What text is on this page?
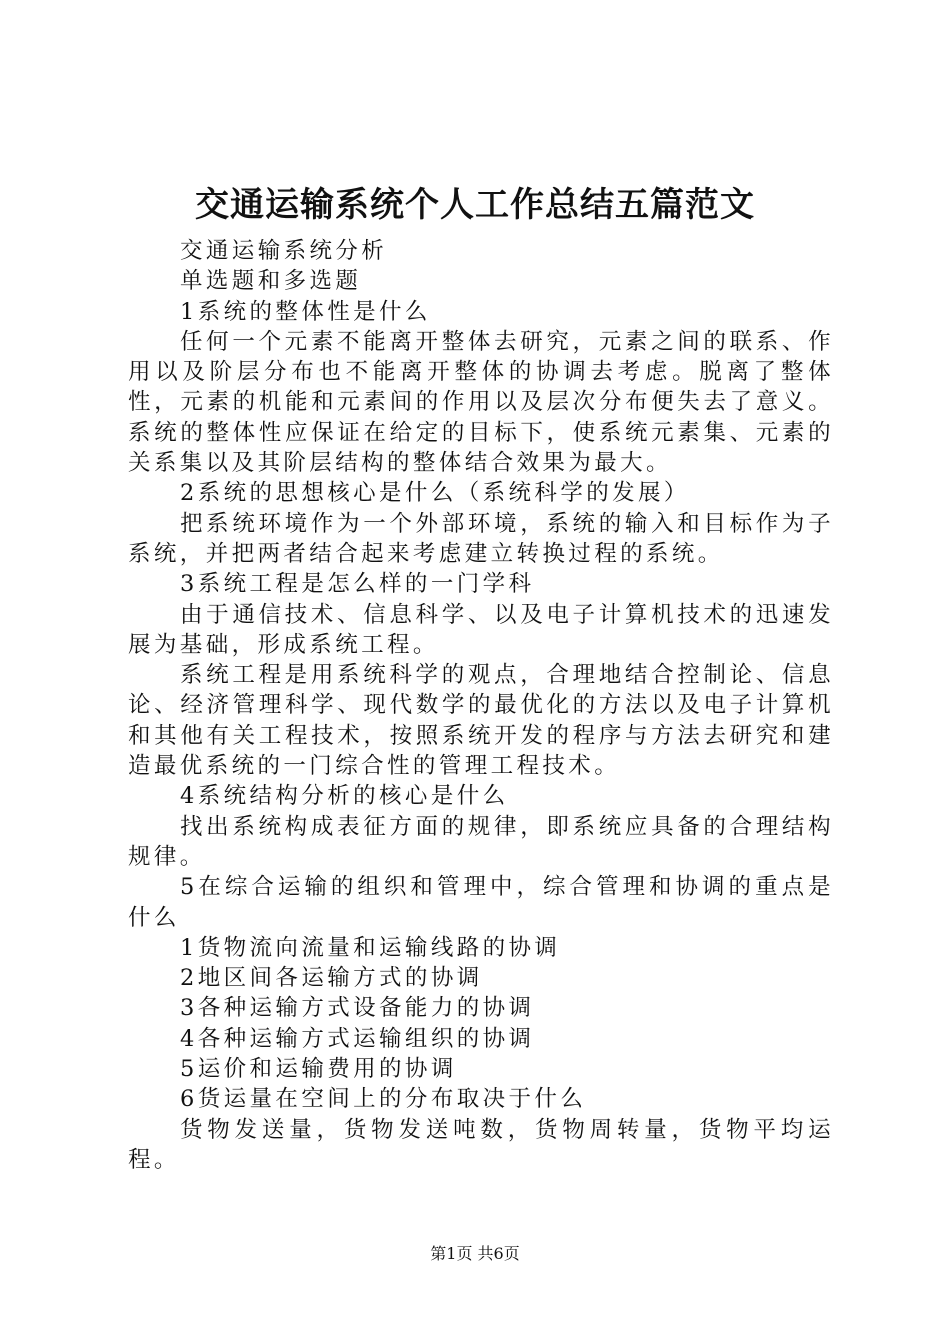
交通运输系统个人工作总结五篇范文

交通运输系统分析

单选题和多选题

1系统的整体性是什么

任何一个元素不能离开整体去研究，元素之间的联系、作用以及阶层分布也不能离开整体的协调去考虑。脱离了整体性，元素的机能和元素间的作用以及层次分布便失去了意义。系统的整体性应保证在给定的目标下，使系统元素集、元素的关系集以及其阶层结构的整体结合效果为最大。

2系统的思想核心是什么（系统科学的发展）

把系统环境作为一个外部环境，系统的输入和目标作为子系统，并把两者结合起来考虑建立转换过程的系统。

3系统工程是怎么样的一门学科

由于通信技术、信息科学、以及电子计算机技术的迅速发展为基础，形成系统工程。

系统工程是用系统科学的观点，合理地结合控制论、信息论、经济管理科学、现代数学的最优化的方法以及电子计算机和其他有关工程技术，按照系统开发的程序与方法去研究和建造最优系统的一门综合性的管理工程技术。

4系统结构分析的核心是什么

找出系统构成表征方面的规律，即系统应具备的合理结构规律。

5在综合运输的组织和管理中，综合管理和协调的重点是什么

1货物流向流量和运输线路的协调

2地区间各运输方式的协调

3各种运输方式设备能力的协调

4各种运输方式运输组织的协调

5运价和运输费用的协调

6货运量在空间上的分布取决于什么

货物发送量，货物发送吨数，货物周转量，货物平均运程。

第1页 共6页
